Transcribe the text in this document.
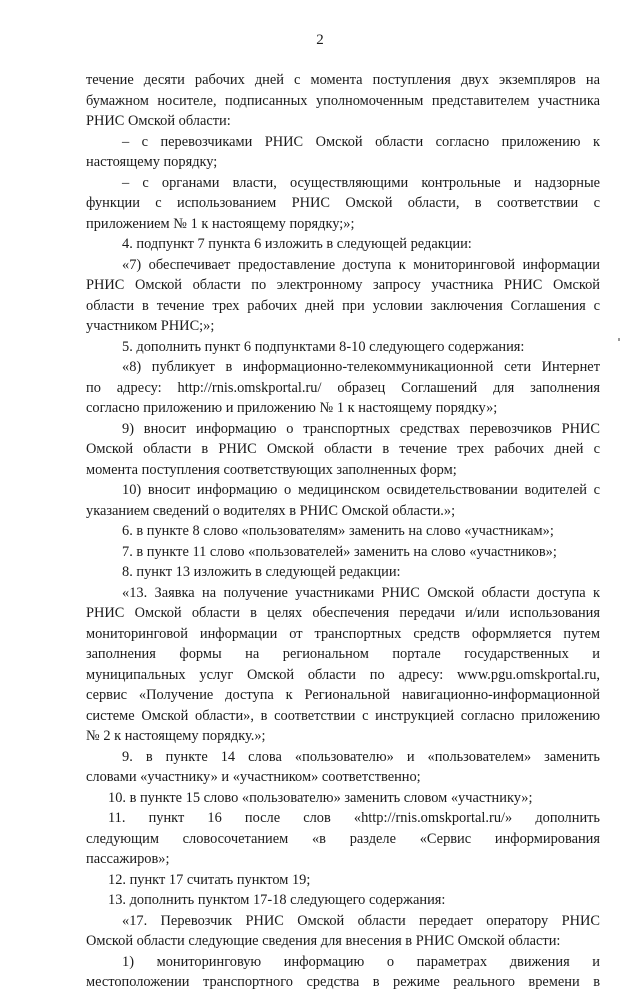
2
течение десяти рабочих дней с момента поступления двух экземпляров на
бумажном носителе, подписанных уполномоченным представителем участника
РНИС Омской области:
– с перевозчиками РНИС Омской области согласно приложению к
настоящему порядку;
– с органами власти, осуществляющими контрольные и надзорные
функции с использованием РНИС Омской области, в соответствии с
приложением № 1 к настоящему порядку;»;
4. подпункт 7 пункта 6 изложить в следующей редакции:
«7) обеспечивает предоставление доступа к мониторинговой информации
РНИС Омской области по электронному запросу участника РНИС Омской
области в течение трех рабочих дней при условии заключения Соглашения с
участником РНИС;»;
5. дополнить пункт 6 подпунктами 8-10 следующего содержания:
«8) публикует в информационно-телекоммуникационной сети Интернет
по адресу: http://rnis.omskportal.ru/ образец Соглашений для заполнения
согласно приложению и приложению № 1 к настоящему порядку»;
9) вносит информацию о транспортных средствах перевозчиков РНИС
Омской области в РНИС Омской области в течение трех рабочих дней с
момента поступления соответствующих заполненных форм;
10) вносит информацию о медицинском освидетельствовании водителей с
указанием сведений о водителях в РНИС Омской области.»;
6. в пункте 8 слово «пользователям» заменить на слово «участникам»;
7. в пункте 11 слово «пользователей» заменить на слово «участников»;
8. пункт 13 изложить в следующей редакции:
«13. Заявка на получение участниками РНИС Омской области доступа к
РНИС Омской области в целях обеспечения передачи и/или использования
мониторинговой информации от транспортных средств оформляется путем
заполнения формы на региональном портале государственных и
муниципальных услуг Омской области по адресу: www.pgu.omskportal.ru,
сервис «Получение доступа к Региональной навигационно-информационной
системе Омской области», в соответствии с инструкцией согласно приложению
№ 2 к настоящему порядку.»;
9. в пункте 14 слова «пользователю» и «пользователем» заменить
словами «участнику» и «участником» соответственно;
10. в пункте 15 слово «пользователю» заменить словом «участнику»;
11. пункт 16 после слов «http://rnis.omskportal.ru/» дополнить
следующим словосочетанием «в разделе «Сервис информирования
пассажиров»;
12. пункт 17 считать пунктом 19;
13. дополнить пунктом 17-18 следующего содержания:
«17. Перевозчик РНИС Омской области передает оператору РНИС
Омской области следующие сведения для внесения в РНИС Омской области:
1) мониторинговую информацию о параметрах движения и
местоположении транспортного средства в режиме реального времени в
